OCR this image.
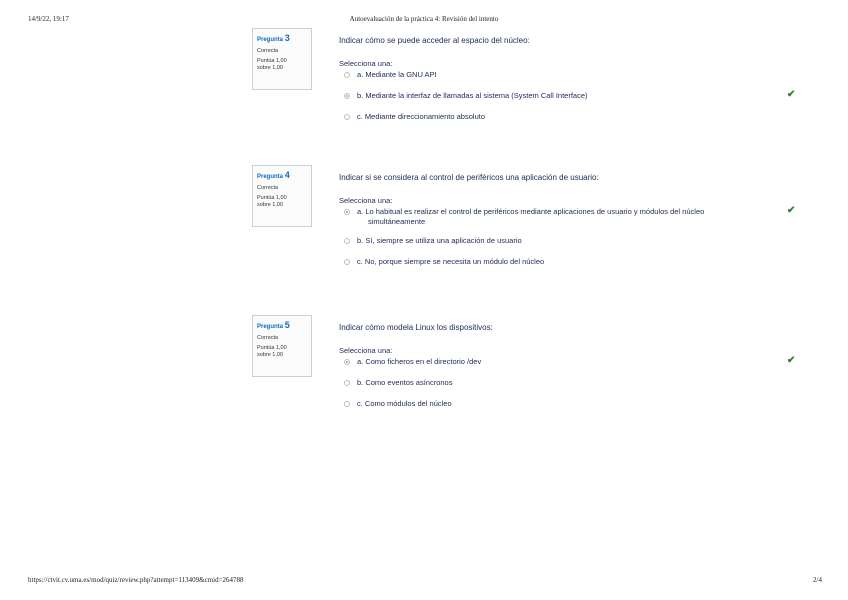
14/9/22, 19:17	Autoevaluación de la práctica 4: Revisión del intento
Pregunta 3
Correcta
Puntúa 1,00
sobre 1,00
Indicar cómo se puede acceder al espacio del núcleo:
Selecciona una:
a. Mediante la GNU API
b. Mediante la interfaz de llamadas al sistema (System Call Interface)	✔
c. Mediante direccionamiento absoluto
Pregunta 4
Correcta
Puntúa 1,00
sobre 1,00
Indicar si se considera al control de periféricos una aplicación de usuario:
Selecciona una:
a. Lo habitual es realizar el control de periféricos mediante aplicaciones de usuario y módulos del núcleo
simultáneamente
✔
b. Sí, siempre se utiliza una aplicación de usuario
c. No, porque siempre se necesita un módulo del núcleo
Pregunta 5
Correcta
Puntúa 1,00
sobre 1,00
Indicar cómo modela Linux los dispositivos:
Selecciona una:
a. Como ficheros en el directorio /dev	✔
b. Como eventos asíncronos
c. Como módulos del núcleo
https://ctvit.cv.uma.es/mod/quiz/review.php?attempt=113409&cmid=264788	2/4
